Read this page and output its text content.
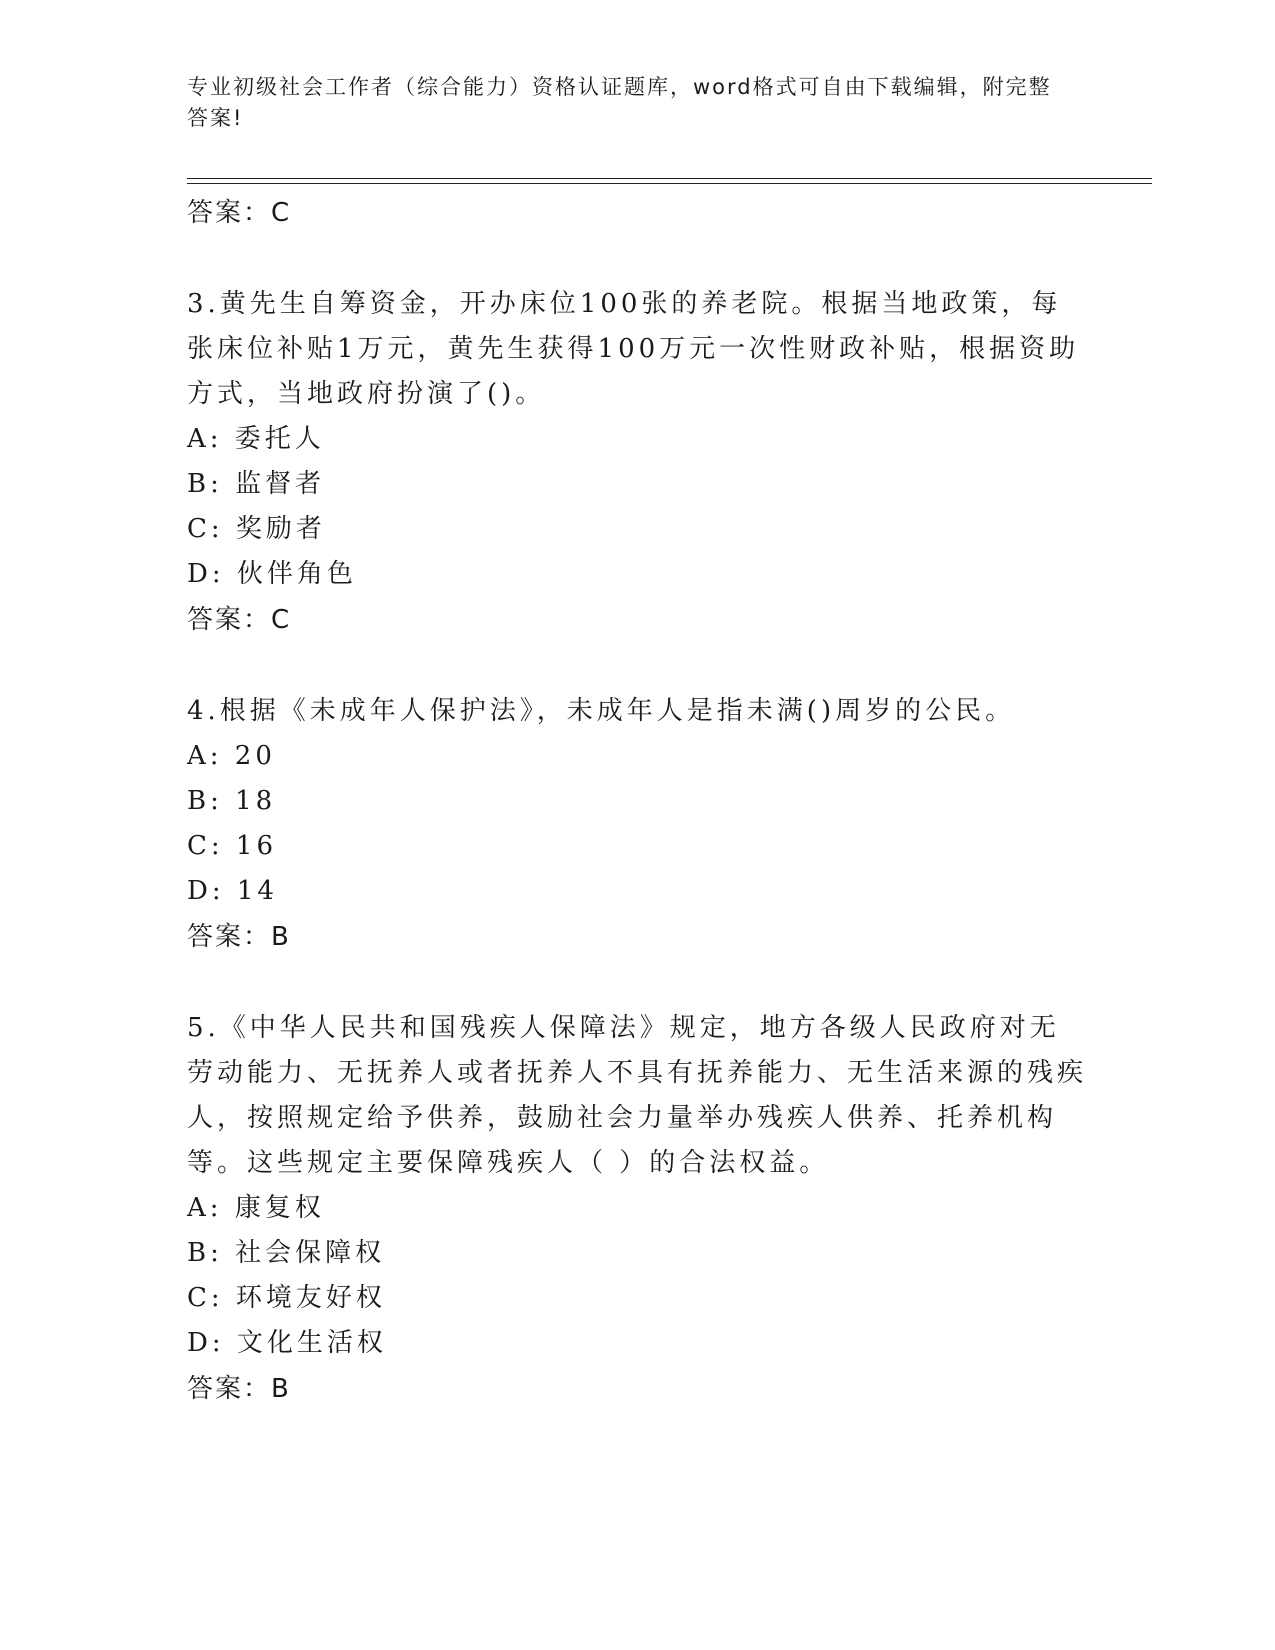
专业初级社会工作者（综合能力）资格认证题库，word格式可自由下载编辑，附完整答案!
答案：C
3.黄先生自筹资金，开办床位100张的养老院。根据当地政策，每张床位补贴1万元，黄先生获得100万元一次性财政补贴，根据资助方式，当地政府扮演了()。
A: 委托人
B: 监督者
C: 奖励者
D: 伙伴角色
答案：C
4.根据《未成年人保护法》，未成年人是指未满()周岁的公民。
A: 20
B: 18
C: 16
D: 14
答案：B
5.《中华人民共和国残疾人保障法》规定，地方各级人民政府对无劳动能力、无抚养人或者抚养人不具有抚养能力、无生活来源的残疾人，按照规定给予供养，鼓励社会力量举办残疾人供养、托养机构等。这些规定主要保障残疾人（ ）的合法权益。
A: 康复权
B: 社会保障权
C: 环境友好权
D: 文化生活权
答案：B
